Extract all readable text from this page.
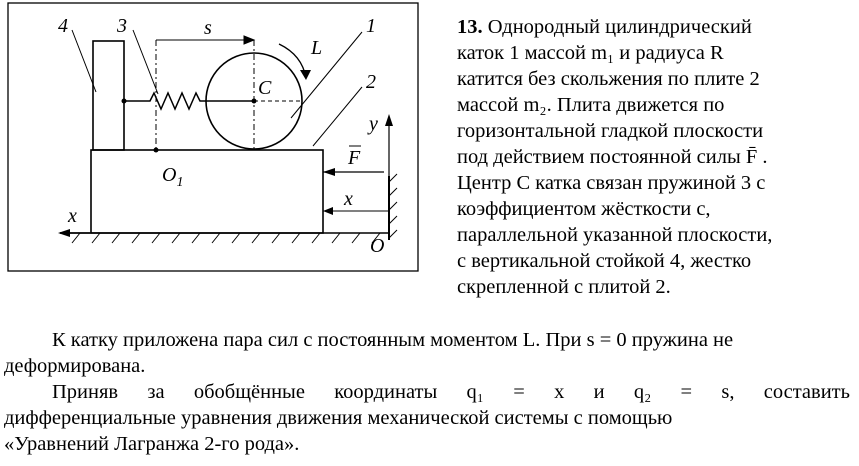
4 3	s	1
L
C	2
y
F
$O_1$
x
x
O
13. Однородный цилиндрический
каток 1 массой m₁ и радиуса R
катится без скольжения по плите 2
массой m₂. Плита движется по
горизонтальной гладкой плоскости
под действием постоянной силы F̄ .
Центр C катка связан пружиной 3 с
коэффициентом жёсткости c,
параллельной указанной плоскости,
с вертикальной стойкой 4, жестко
скрепленной с плитой 2.
К катку приложена пара сил с постоянным моментом L. При s = 0 пружина не
деформирована.
Приняв за обобщённые координаты q₁ = x и q₂ = s, составить
дифференциальные уравнения движения механической системы с помощью
«Уравнений Лагранжа 2-го рода».
